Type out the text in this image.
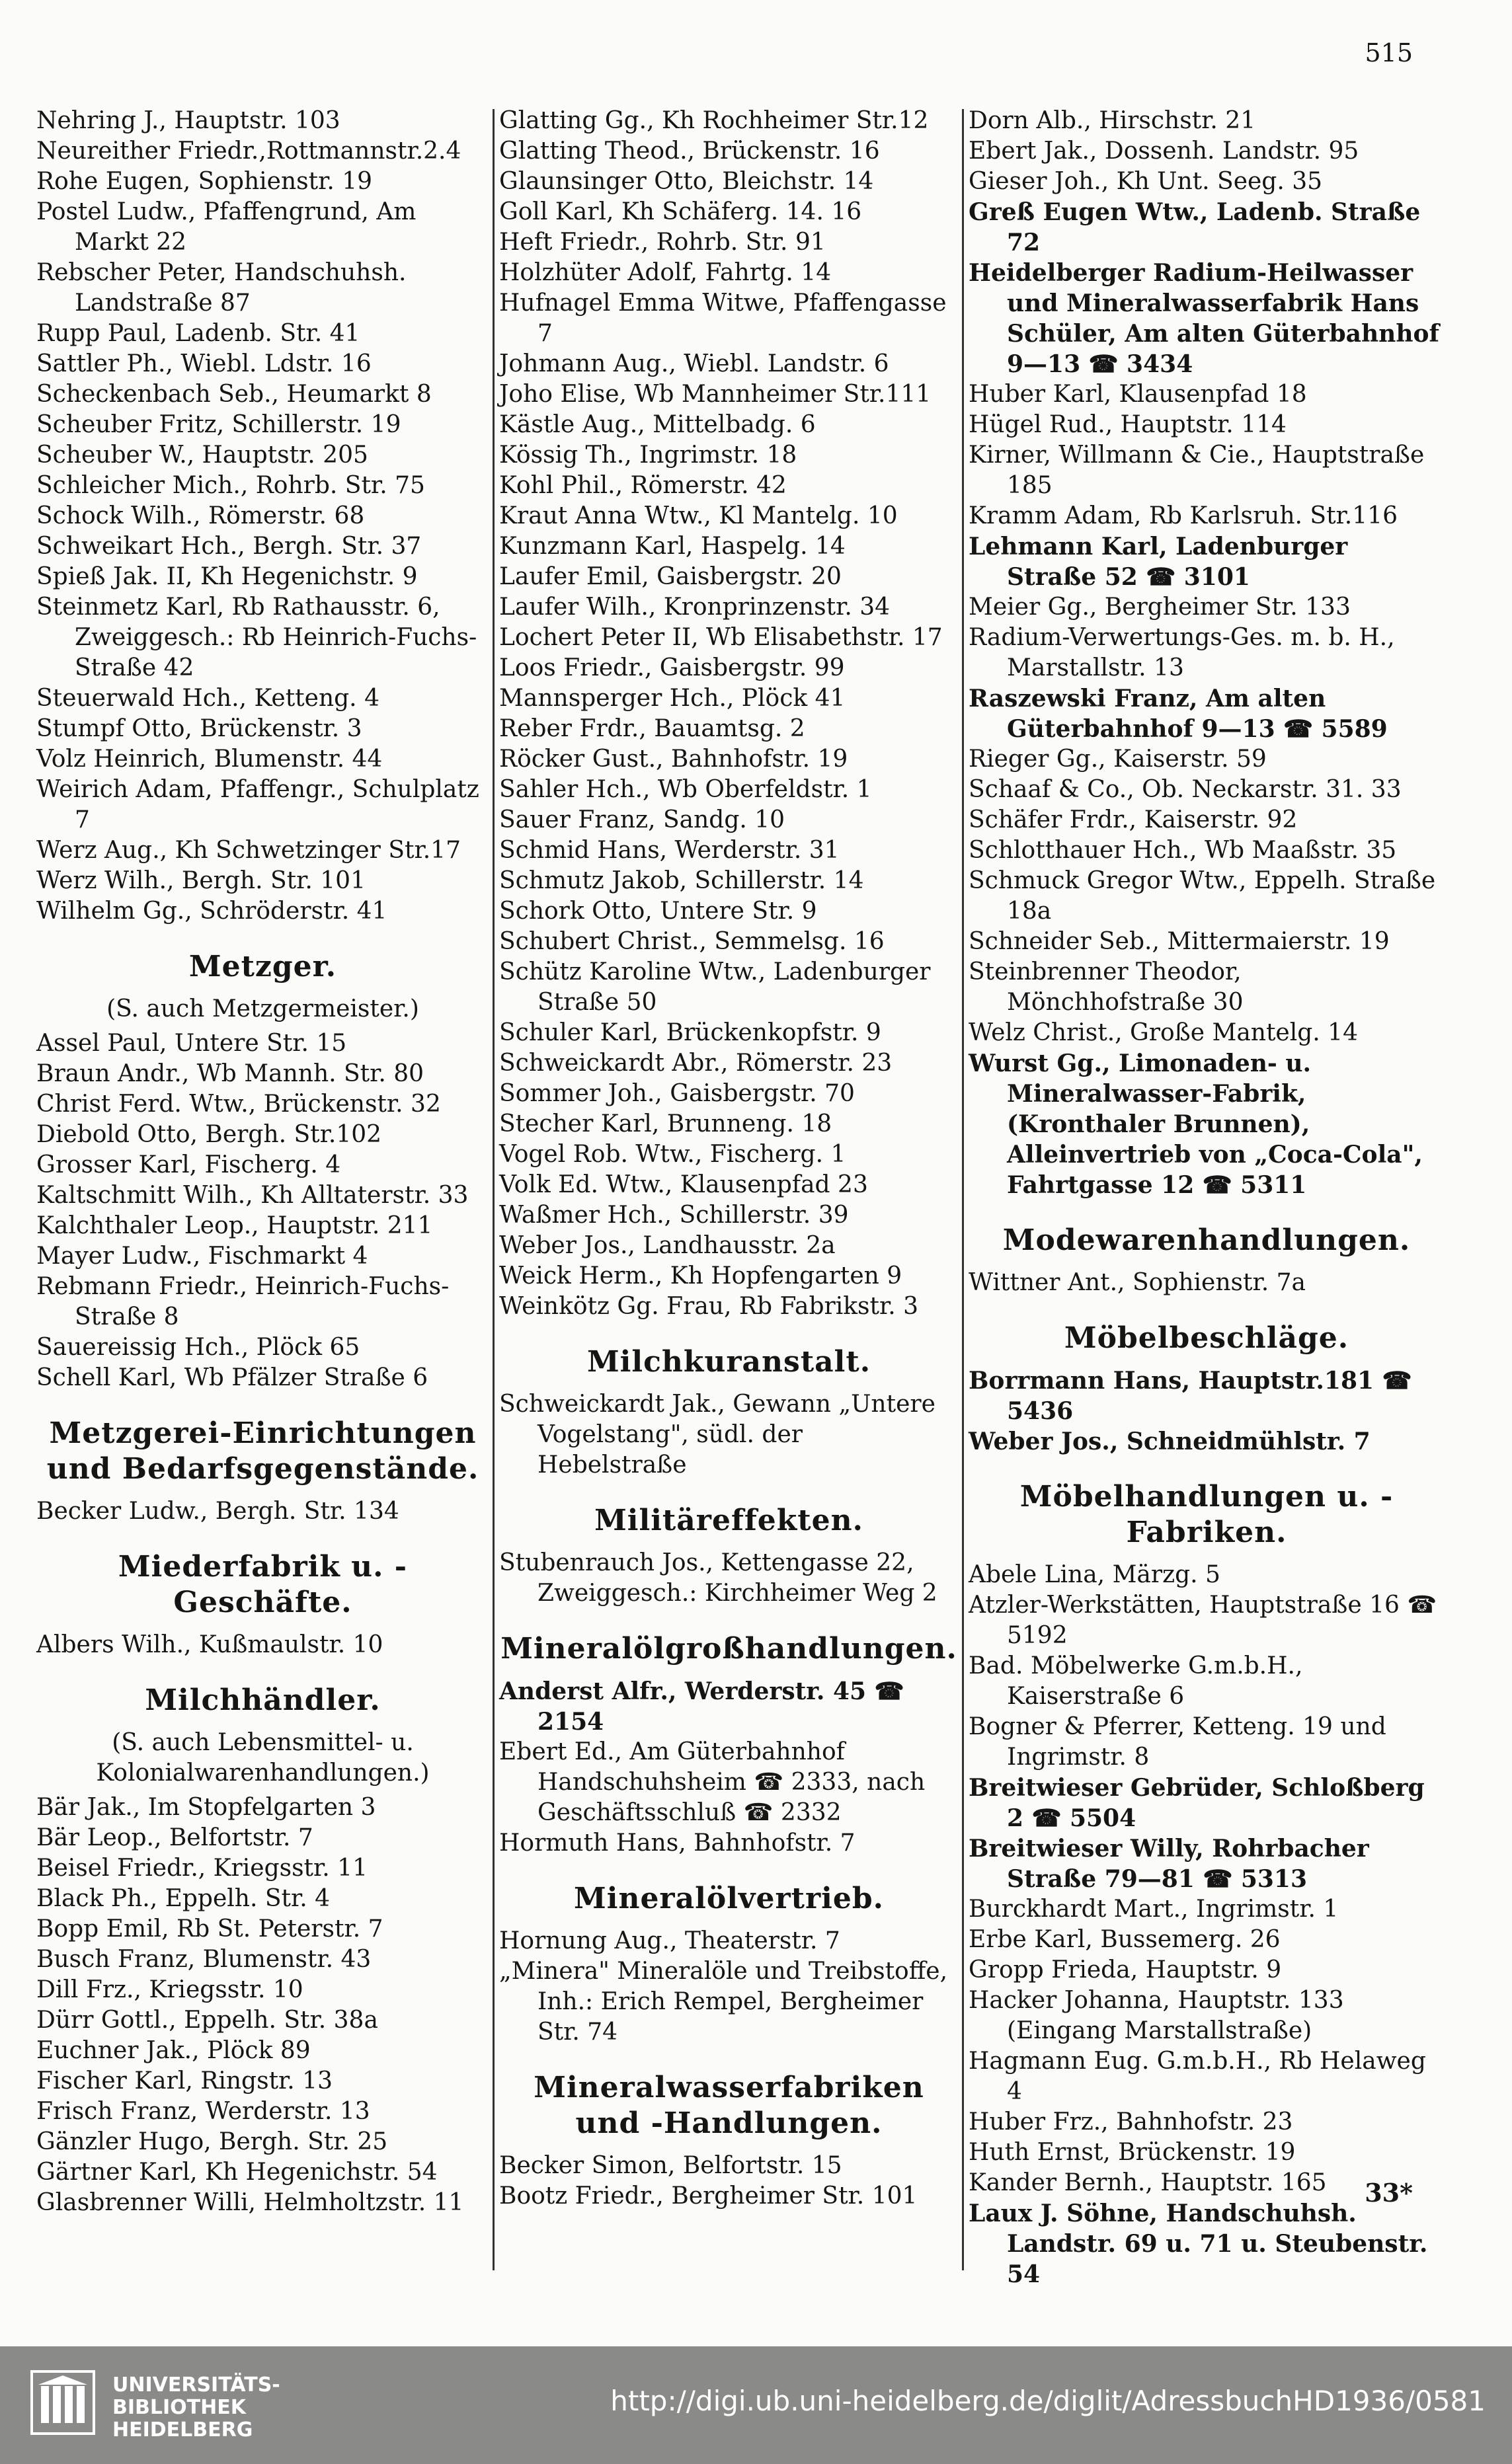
515

Nehring J., Hauptstr. 103

Neureither Friedr.,Rottmannstr.2.4

Rohe Eugen, Sophienstr. 19

Postel Ludw., Pfaffengrund, Am Markt 22

Rebscher Peter, Handschuhsh. Landstraße 87

Rupp Paul, Ladenb. Str. 41

Sattler Ph., Wiebl. Ldstr. 16

Scheckenbach Seb., Heumarkt 8

Scheuber Fritz, Schillerstr. 19

Scheuber W., Hauptstr. 205

Schleicher Mich., Rohrb. Str. 75

Schock Wilh., Römerstr. 68

Schweikart Hch., Bergh. Str. 37

Spieß Jak. II, Kh Hegenichstr. 9

Steinmetz Karl, Rb Rathausstr. 6, Zweiggesch.: Rb Heinrich-Fuchs-Straße 42

Steuerwald Hch., Ketteng. 4

Stumpf Otto, Brückenstr. 3

Volz Heinrich, Blumenstr. 44

Weirich Adam, Pfaffengr., Schulplatz 7

Werz Aug., Kh Schwetzinger Str.17

Werz Wilh., Bergh. Str. 101

Wilhelm Gg., Schröderstr. 41

Metzger.
(S. auch Metzgermeister.)

Assel Paul, Untere Str. 15

Braun Andr., Wb Mannh. Str. 80

Christ Ferd. Wtw., Brückenstr. 32

Diebold Otto, Bergh. Str.102

Grosser Karl, Fischerg. 4

Kaltschmitt Wilh., Kh Alltaterstr. 33

Kalchthaler Leop., Hauptstr. 211

Mayer Ludw., Fischmarkt 4

Rebmann Friedr., Heinrich-Fuchs-Straße 8

Sauereissig Hch., Plöck 65

Schell Karl, Wb Pfälzer Straße 6

Metzgerei-Einrichtungen und Bedarfsgegenstände.

Becker Ludw., Bergh. Str. 134

Miederfabrik u. -Geschäfte.

Albers Wilh., Kußmaulstr. 10

Milchhändler.
(S. auch Lebensmittel- u. Kolonialwarenhandlungen.)

Bär Jak., Im Stopfelgarten 3

Bär Leop., Belfortstr. 7

Beisel Friedr., Kriegsstr. 11

Black Ph., Eppelh. Str. 4

Bopp Emil, Rb St. Peterstr. 7

Busch Franz, Blumenstr. 43

Dill Frz., Kriegsstr. 10

Dürr Gottl., Eppelh. Str. 38a

Euchner Jak., Plöck 89

Fischer Karl, Ringstr. 13

Frisch Franz, Werderstr. 13

Gänzler Hugo, Bergh. Str. 25

Gärtner Karl, Kh Hegenichstr. 54

Glasbrenner Willi, Helmholtzstr. 11

Glatting Gg., Kh Rochheimer Str.12

Glatting Theod., Brückenstr. 16

Glaunsinger Otto, Bleichstr. 14

Goll Karl, Kh Schäferg. 14. 16

Heft Friedr., Rohrb. Str. 91

Holzhüter Adolf, Fahrtg. 14

Hufnagel Emma Witwe, Pfaffengasse 7

Johmann Aug., Wiebl. Landstr. 6

Joho Elise, Wb Mannheimer Str.111

Kästle Aug., Mittelbadg. 6

Kössig Th., Ingrimstr. 18

Kohl Phil., Römerstr. 42

Kraut Anna Wtw., Kl Mantelg. 10

Kunzmann Karl, Haspelg. 14

Laufer Emil, Gaisbergstr. 20

Laufer Wilh., Kronprinzenstr. 34

Lochert Peter II, Wb Elisabethstr. 17

Loos Friedr., Gaisbergstr. 99

Mannsperger Hch., Plöck 41

Reber Frdr., Bauamtsg. 2

Röcker Gust., Bahnhofstr. 19

Sahler Hch., Wb Oberfeldstr. 1

Sauer Franz, Sandg. 10

Schmid Hans, Werderstr. 31

Schmutz Jakob, Schillerstr. 14

Schork Otto, Untere Str. 9

Schubert Christ., Semmelsg. 16

Schütz Karoline Wtw., Ladenburger Straße 50

Schuler Karl, Brückenkopfstr. 9

Schweickardt Abr., Römerstr. 23

Sommer Joh., Gaisbergstr. 70

Stecher Karl, Brunneng. 18

Vogel Rob. Wtw., Fischerg. 1

Volk Ed. Wtw., Klausenpfad 23

Waßmer Hch., Schillerstr. 39

Weber Jos., Landhausstr. 2a

Weick Herm., Kh Hopfengarten 9

Weinkötz Gg. Frau, Rb Fabrikstr. 3

Milchkuranstalt.

Schweickardt Jak., Gewann „Untere Vogelstang", südl. der Hebelstraße

Militäreffekten.

Stubenrauch Jos., Kettengasse 22, Zweiggesch.: Kirchheimer Weg 2

Mineralölgroßhandlungen.

Anderst Alfr., Werderstr. 45 ☎ 2154

Ebert Ed., Am Güterbahnhof Handschuhsheim ☎ 2333, nach Geschäftsschluß ☎ 2332

Hormuth Hans, Bahnhofstr. 7

Mineralölvertrieb.

Hornung Aug., Theaterstr. 7

„Minera" Mineralöle und Treibstoffe, Inh.: Erich Rempel, Bergheimer Str. 74

Mineralwasserfabriken und -Handlungen.

Becker Simon, Belfortstr. 15

Bootz Friedr., Bergheimer Str. 101

Dorn Alb., Hirschstr. 21

Ebert Jak., Dossenh. Landstr. 95

Gieser Joh., Kh Unt. Seeg. 35

Greß Eugen Wtw., Ladenb. Straße 72

Heidelberger Radium-Heilwasser und Mineralwasserfabrik Hans Schüler, Am alten Güterbahnhof 9—13 ☎ 3434

Huber Karl, Klausenpfad 18

Hügel Rud., Hauptstr. 114

Kirner, Willmann & Cie., Hauptstraße 185

Kramm Adam, Rb Karlsruh. Str.116

Lehmann Karl, Ladenburger Straße 52 ☎ 3101

Meier Gg., Bergheimer Str. 133

Radium-Verwertungs-Ges. m. b. H., Marstallstr. 13

Raszewski Franz, Am alten Güterbahnhof 9—13 ☎ 5589

Rieger Gg., Kaiserstr. 59

Schaaf & Co., Ob. Neckarstr. 31. 33

Schäfer Frdr., Kaiserstr. 92

Schlotthauer Hch., Wb Maaßstr. 35

Schmuck Gregor Wtw., Eppelh. Straße 18a

Schneider Seb., Mittermaierstr. 19

Steinbrenner Theodor, Mönchhofstraße 30

Welz Christ., Große Mantelg. 14

Wurst Gg., Limonaden- u. Mineralwasser-Fabrik, (Kronthaler Brunnen), Alleinvertrieb von „Coca-Cola", Fahrtgasse 12 ☎ 5311

Modewarenhandlungen.

Wittner Ant., Sophienstr. 7a

Möbelbeschläge.

Borrmann Hans, Hauptstr.181 ☎ 5436

Weber Jos., Schneidmühlstr. 7

Möbelhandlungen u. -Fabriken.

Abele Lina, Märzg. 5

Atzler-Werkstätten, Hauptstraße 16 ☎ 5192

Bad. Möbelwerke G.m.b.H., Kaiserstraße 6

Bogner & Pferrer, Ketteng. 19 und Ingrimstr. 8

Breitwieser Gebrüder, Schloßberg 2 ☎ 5504

Breitwieser Willy, Rohrbacher Straße 79—81 ☎ 5313

Burckhardt Mart., Ingrimstr. 1

Erbe Karl, Bussemerg. 26

Gropp Frieda, Hauptstr. 9

Hacker Johanna, Hauptstr. 133 (Eingang Marstallstraße)

Hagmann Eug. G.m.b.H., Rb Helaweg 4

Huber Frz., Bahnhofstr. 23

Huth Ernst, Brückenstr. 19

Kander Bernh., Hauptstr. 165

Laux J. Söhne, Handschuhsh. Landstr. 69 u. 71 u. Steubenstr. 54

33*
UNIVERSITÄTS-
BIBLIOTHEK
HEIDELBERG
http://digi.ub.uni-heidelberg.de/diglit/AdressbuchHD1936/0581
